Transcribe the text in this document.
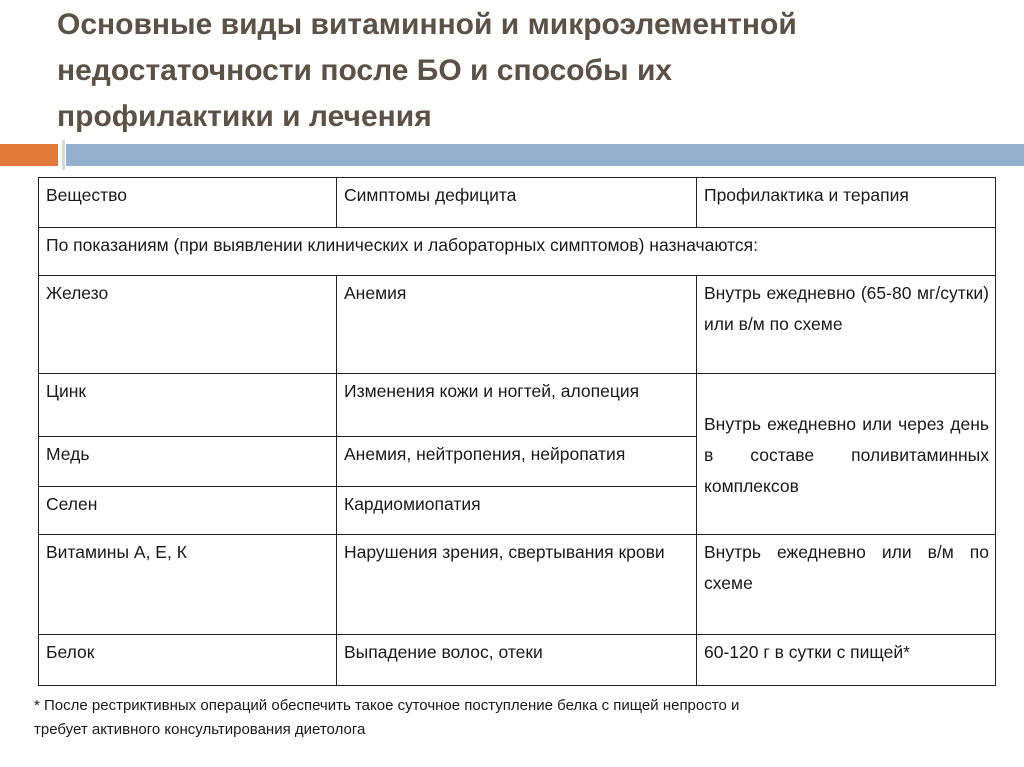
Основные виды витаминной и микроэлементной
недостаточности после БО и способы их
профилактики и лечения
Вещество	Симптомы дефицита	Профилактика и терапия
По показаниям (при выявлении клинических и лабораторных симптомов) назначаются:		
Железо	Анемия	Внутрь ежедневно (65-80 мг/сутки) или в/м по схеме
Цинк	Изменения кожи и ногтей, алопеция	Внутрь ежедневно или через день в составе поливитаминных комплексов

Медь	Анемия, нейтропения, нейропатия	
Селен	Кардиомиопатия	
Витамины А, Е, К	Нарушения зрения, свертывания крови	Внутрь ежедневно или в/м по схеме
Белок	Выпадение волос, отеки	60-120 г в сутки с пищей*
* После рестриктивных операций обеспечить такое суточное поступление белка с пищей непросто и
требует активного консультирования диетолога
